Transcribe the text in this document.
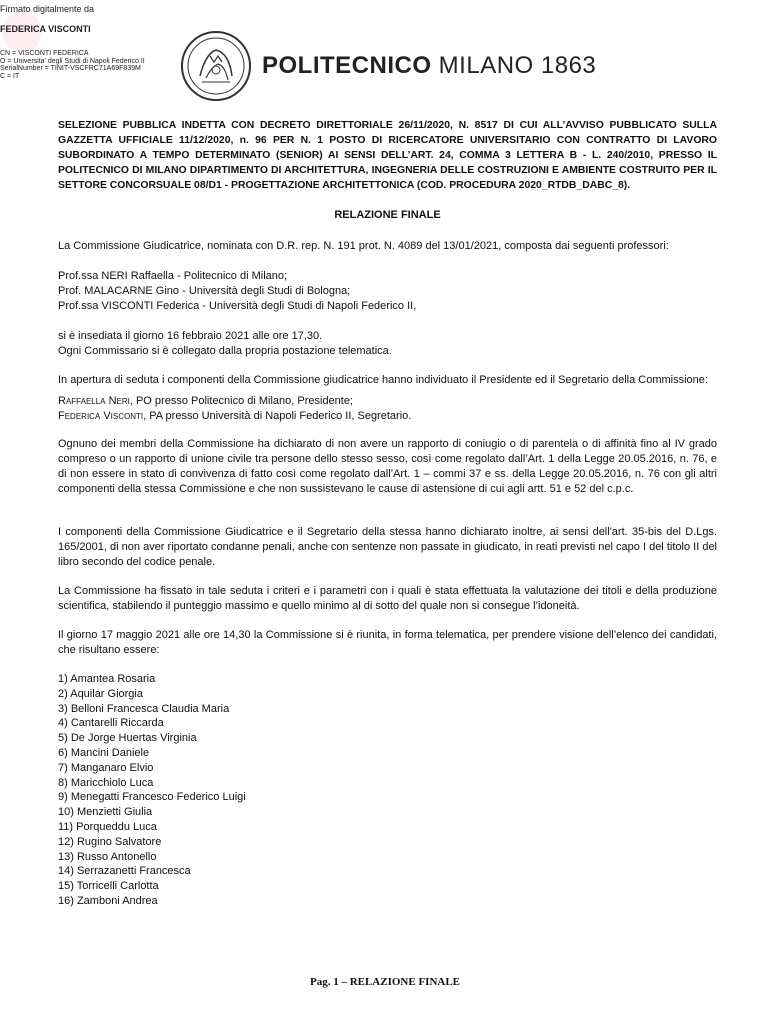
Firmato digitalmente da
FEDERICA VISCONTI
CN = VISCONTI FEDERICA
O = Universita' degli Studi di Napoli Federico II
SerialNumber = TINIT-VSCFRC71A69F839M
C = IT	POLITECNICO MILANO 1863

SELEZIONE PUBBLICA INDETTA CON DECRETO DIRETTORIALE 26/11/2020, N. 8517 DI CUI ALL’AVVISO PUBBLICATO SULLA GAZZETTA UFFICIALE 11/12/2020, n. 96 PER N. 1 POSTO DI RICERCATORE UNIVERSITARIO CON CONTRATTO DI LAVORO SUBORDINATO A TEMPO DETERMINATO (SENIOR) AI SENSI DELL’ART. 24, COMMA 3 LETTERA B - L. 240/2010, PRESSO IL POLITECNICO DI MILANO DIPARTIMENTO DI ARCHITETTURA, INGEGNERIA DELLE COSTRUZIONI E AMBIENTE COSTRUITO PER IL SETTORE CONCORSUALE 08/D1 - PROGETTAZIONE ARCHITETTONICA (COD. PROCEDURA 2020_RTDB_DABC_8).

RELAZIONE FINALE

La Commissione Giudicatrice, nominata con D.R. rep. N. 191 prot. N. 4089 del 13/01/2021, composta dai seguenti professori:

Prof.ssa NERI Raffaella - Politecnico di Milano;

Prof. MALACARNE Gino - Università degli Studi di Bologna;

Prof.ssa VISCONTI Federica - Università degli Studi di Napoli Federico II,

si è insediata il giorno 16 febbraio 2021 alle ore 17,30.

Ogni Commissario si è collegato dalla propria postazione telematica.

In apertura di seduta i componenti della Commissione giudicatrice hanno individuato il Presidente ed il Segretario della Commissione:

Raffaella Neri, PO presso Politecnico di Milano, Presidente;

Federica Visconti, PA presso Università di Napoli Federico II, Segretario.

Ognuno dei membri della Commissione ha dichiarato di non avere un rapporto di coniugio o di parentela o di affinità fino al IV grado compreso o un rapporto di unione civile tra persone dello stesso sesso, così come regolato dall’Art. 1 della Legge 20.05.2016, n. 76, e di non essere in stato di convivenza di fatto così come regolato dall’Art. 1 – commi 37 e ss. della Legge 20.05.2016, n. 76 con gli altri componenti della stessa Commissione e che non sussistevano le cause di astensione di cui agli artt. 51 e 52 del c.p.c.

I componenti della Commissione Giudicatrice e il Segretario della stessa hanno dichiarato inoltre, ai sensi dell'art. 35-bis del D.Lgs. 165/2001, di non aver riportato condanne penali, anche con sentenze non passate in giudicato, in reati previsti nel capo I del titolo II del libro secondo del codice penale.

La Commissione ha fissato in tale seduta i criteri e i parametri con i quali è stata effettuata la valutazione dei titoli e della produzione scientifica, stabilendo il punteggio massimo e quello minimo al di sotto del quale non si consegue l’idoneità.

Il giorno 17 maggio 2021 alle ore 14,30 la Commissione si è riunita, in forma telematica, per prendere visione dell’elenco dei candidati, che risultano essere:

1) Amantea Rosaria
2) Aquilar Giorgia
3) Belloni Francesca Claudia Maria
4) Cantarelli Riccarda
5) De Jorge Huertas Virginia
6) Mancini Daniele
7) Manganaro Elvio
8) Maricchiolo Luca
9) Menegatti Francesco Federico Luigi
10) Menzietti Giulia
11) Porqueddu Luca
12) Rugino Salvatore
13) Russo Antonello
14) Serrazanetti Francesca
15) Torricelli Carlotta
16) Zamboni Andrea
Pag. 1 – RELAZIONE FINALE
